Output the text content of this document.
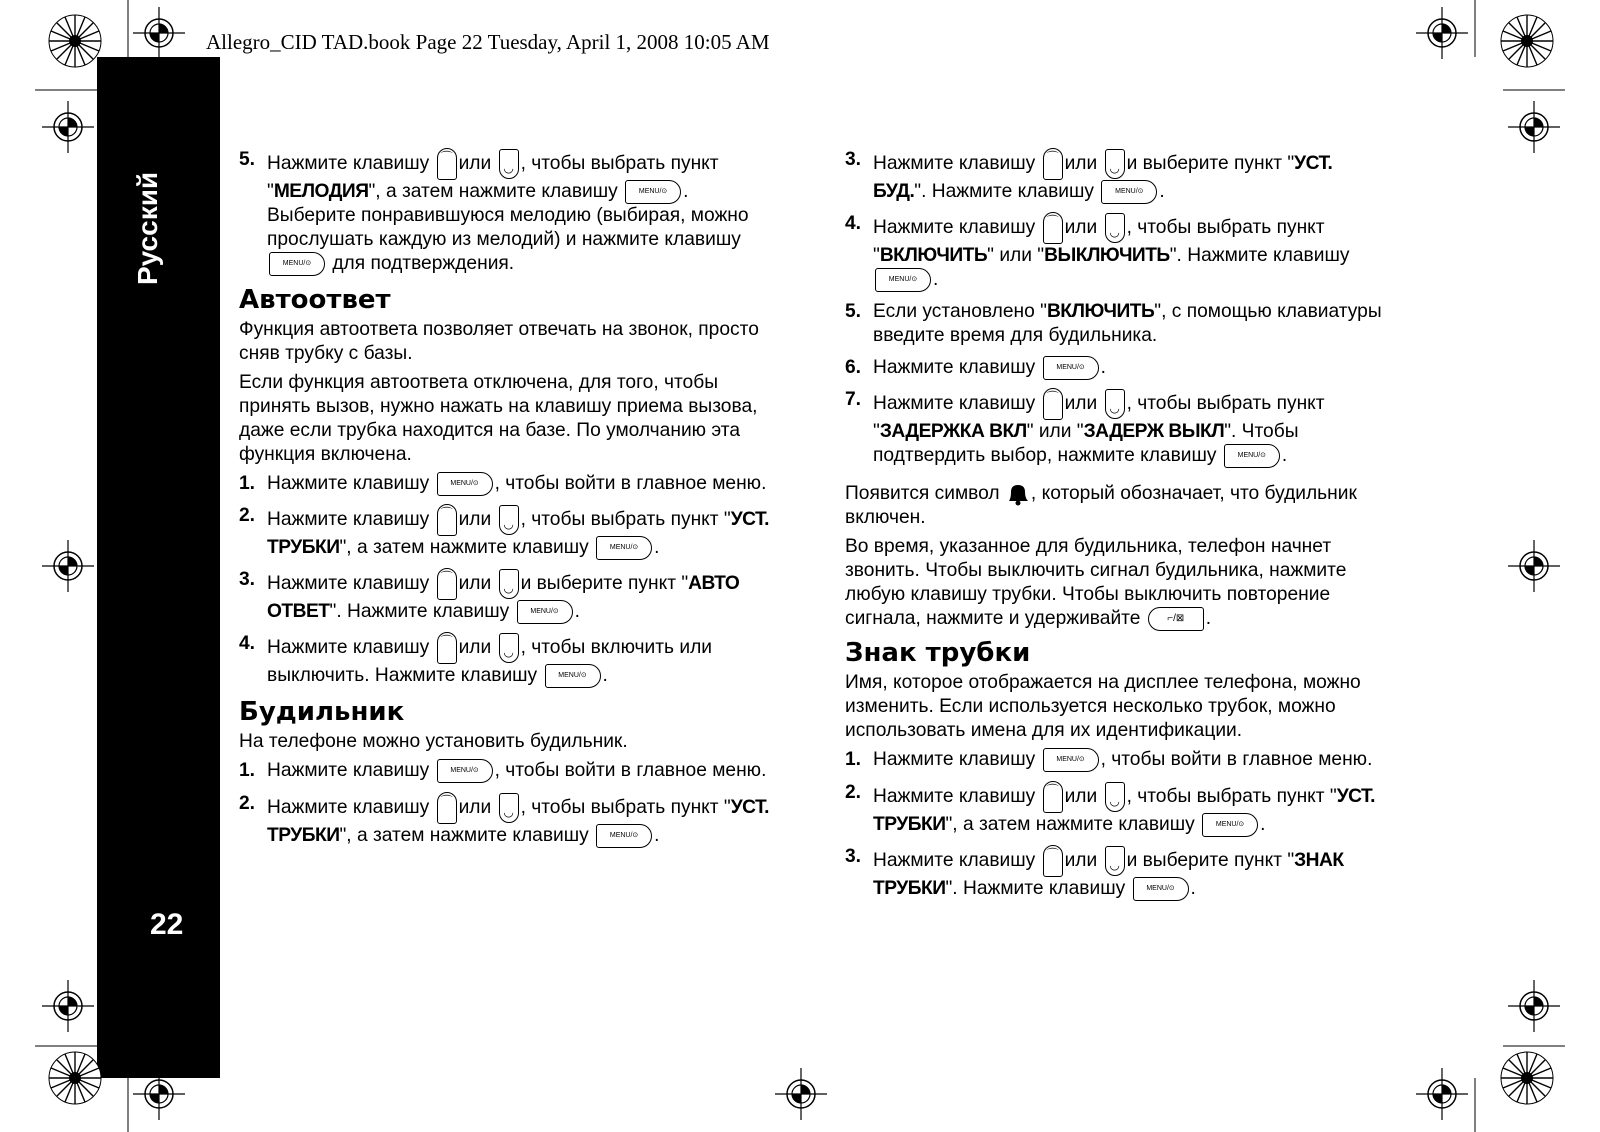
Allegro_CID TAD.book Page 22 Tuesday, April 1, 2008 10:05 AM
Русский
22
5. Нажмите клавишу ⌒ или ◡ , чтобы выбрать пункт "МЕЛОДИЯ", а затем нажмите клавишу	MENU/⊙ . Выберите понравившуюся мелодию (выбирая, можно прослушать каждую из мелодий) и нажмите клавишу MENU/⊙ для подтверждения.
Автоответ
Функция автоответа позволяет отвечать на звонок, просто сняв трубку с базы.
Если функция автоответа отключена, для того, чтобы принять вызов, нужно нажать на клавишу приема вызова, даже если трубка находится на базе. По умолчанию эта функция включена.
1. Нажмите клавишу	MENU/⊙ , чтобы войти в главное меню.
2. Нажмите клавишу ⌒ или ◡ , чтобы выбрать пункт "УСТ. ТРУБКИ", а затем нажмите клавишу	MENU/⊙ .
3. Нажмите клавишу ⌒ или ◡ и выберите пункт "АВТО ОТВЕТ". Нажмите клавишу	MENU/⊙ .
4. Нажмите клавишу ⌒ или ◡ , чтобы включить или выключить. Нажмите клавишу	MENU/⊙ .
Будильник
На телефоне можно установить будильник.
1. Нажмите клавишу	MENU/⊙ , чтобы войти в главное меню.
2. Нажмите клавишу ⌒ или ◡ , чтобы выбрать пункт "УСТ. ТРУБКИ", а затем нажмите клавишу	MENU/⊙ .
3. Нажмите клавишу ⌒ или ◡ и выберите пункт "УСТ. БУД.". Нажмите клавишу	MENU/⊙ .
4. Нажмите клавишу ⌒ или ◡ , чтобы выбрать пункт "ВКЛЮЧИТЬ" или "ВЫКЛЮЧИТЬ". Нажмите клавишу MENU/⊙ .
5. Если установлено "ВКЛЮЧИТЬ", с помощью клавиатуры введите время для будильника.
6. Нажмите клавишу	MENU/⊙ .
7. Нажмите клавишу ⌒ или ◡ , чтобы выбрать пункт "ЗАДЕРЖКА ВКЛ" или "ЗАДЕРЖ ВЫКЛ". Чтобы подтвердить выбор, нажмите клавишу	MENU/⊙ .
Появится символ , который обозначает, что будильник включен.
Во время, указанное для будильника, телефон начнет звонить. Чтобы выключить сигнал будильника, нажмите любую клавишу трубки. Чтобы выключить повторение сигнала, нажмите и удерживайте	⌐/⊠ .
Знак трубки
Имя, которое отображается на дисплее телефона, можно изменить. Если используется несколько трубок, можно использовать имена для их идентификации.
1. Нажмите клавишу	MENU/⊙ , чтобы войти в главное меню.
2. Нажмите клавишу ⌒ или ◡ , чтобы выбрать пункт "УСТ. ТРУБКИ", а затем нажмите клавишу	MENU/⊙ .
3. Нажмите клавишу ⌒ или ◡ и выберите пункт "ЗНАК ТРУБКИ". Нажмите клавишу	MENU/⊙ .
